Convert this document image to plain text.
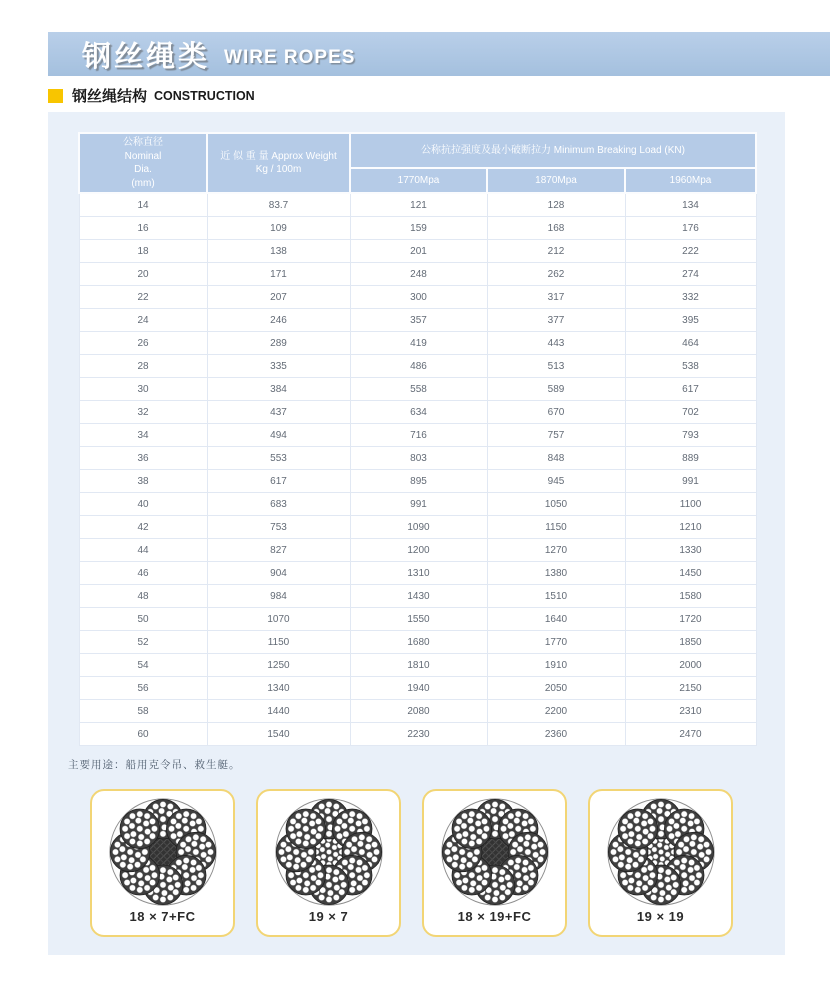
钢丝绳类 WIRE ROPES
钢丝绳结构 CONSTRUCTION
公称直径
Nominal
Dia.
(mm)

近 似 重 量 Approx Weight
Kg / 100m
	公称抗拉强度及最小破断拉力 Minimum Breaking Load (KN)
		1770Mpa	1870Mpa	1960Mpa
14	83.7	121	128	134
16	109	159	168	176
18	138	201	212	222
20	171	248	262	274
22	207	300	317	332
24	246	357	377	395
26	289	419	443	464
28	335	486	513	538
30	384	558	589	617
32	437	634	670	702
34	494	716	757	793
36	553	803	848	889
38	617	895	945	991
40	683	991	1050	1100
42	753	1090	1150	1210
44	827	1200	1270	1330
46	904	1310	1380	1450
48	984	1430	1510	1580
50	1070	1550	1640	1720
52	1150	1680	1770	1850
54	1250	1810	1910	2000
56	1340	1940	2050	2150
58	1440	2080	2200	2310
60	1540	2230	2360	2470
主要用途：船用克令吊、救生艇。
18 × 7+FC	19 × 7	18 × 19+FC	19 × 19
